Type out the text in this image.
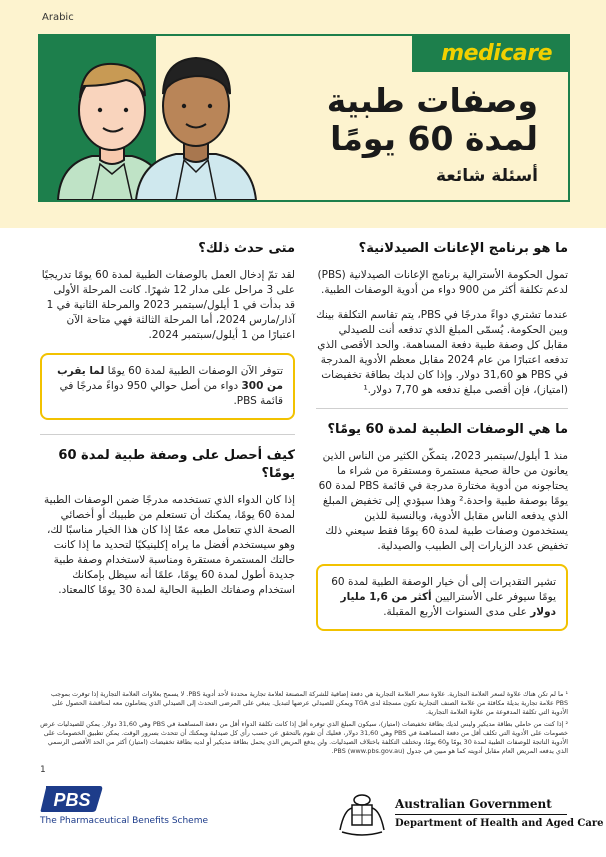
Arabic
medicare
وصفات طبية
لمدة 60 يومًا
أسئلة شائعة
ما هو برنامج الإعانات الصيدلانية؟
تمول الحكومة الأسترالية برنامج الإعانات الصيدلانية (PBS) لدعم تكلفة أكثر من 900 دواء من أدوية الوصفات الطبية.
عندما تشتري دواءً مدرجًا في PBS، يتم تقاسم التكلفة بينك وبين الحكومة. يُسمّى المبلغ الذي تدفعه أنت للصيدلي مقابل كل وصفة طبية دفعة المساهمة. والحد الأقصى الذي تدفعه اعتبارًا من عام 2024 مقابل معظم الأدوية المدرجة في PBS هو 31,60 دولار. وإذا كان لديك بطاقة تخفيضات (امتياز)، فإن أقصى مبلغ تدفعه هو 7,70 دولار.¹
ما هي الوصفات الطبية لمدة 60 يومًا؟
منذ 1 أيلول/سبتمبر 2023، يتمكّن الكثير من الناس الذين يعانون من حالة صحية مستمرة ومستقرة من شراء ما يحتاجونه من أدوية مختارة مدرجة في قائمة PBS لمدة 60 يومًا بوصفة طبية واحدة.² وهذا سيؤدي إلى تخفيض المبلغ الذي يدفعه الناس مقابل الأدوية، وبالنسبة للذين يستخدمون وصفات طبية لمدة 60 يومًا فقط سيعني ذلك تخفيض عدد الزيارات إلى الطبيب والصيدلية.
تشير التقديرات إلى أن خيار الوصفة الطبية لمدة 60 يومًا سيوفر على الأستراليين أكثر من 1,6 مليار دولار على مدى السنوات الأربع المقبلة.
متى حدث ذلك؟
لقد تمّ إدخال العمل بالوصفات الطبية لمدة 60 يومًا تدريجيًا على 3 مراحل على مدار 12 شهرًا. كانت المرحلة الأولى قد بدأت في 1 أيلول/سبتمبر 2023 والمرحلة الثانية في 1 آذار/مارس 2024، أما المرحلة الثالثة فهي متاحة الآن اعتبارًا من 1 أيلول/سبتمبر 2024.
تتوفر الآن الوصفات الطبية لمدة 60 يومًا لما يقرب من 300 دواء من أصل حوالي 950 دواءً مدرجًا في قائمة PBS.
كيف أحصل على وصفة طبية لمدة 60 يومًا؟
إذا كان الدواء الذي تستخدمه مدرجًا ضمن الوصفات الطبية لمدة 60 يومًا، يمكنك أن تستعلم من طبيبك أو أخصائي الصحة الذي تتعامل معه عمّا إذا كان هذا الخيار مناسبًا لك، وهو سيستخدم أفضل ما يراه إكلينيكيًا لتحديد ما إذا كانت حالتك المستمرة مستقرة ومناسبة لاستخدام وصفة طبية جديدة أطول لمدة 60 يومًا، علمًا أنه سيظل بإمكانك استخدام وصفاتك الطبية الحالية لمدة 30 يومًا كالمعتاد.

¹ ما لم تكن هناك علاوة لسعر العلامة التجارية. علاوة سعر العلامة التجارية هي دفعة إضافية للشركة المصنعة لعلامة تجارية محددة لأحد أدوية PBS. لا يسمح بعلاوات العلامة التجارية إذا توفرت بموجب PBS علامة تجارية بديلة مكافئة من علامة الصنف التجارية تكون مسجلة لدى TGA ويمكن للصيدلي عرضها لتبديل. ينبغي على المرضى التحدث إلى الصيدلي الذي يتعاملون معه لمناقشة الحصول على الأدوية التي تكلفة المدفوعة من علاوة العلامة التجارية.

² إذا كنت من حاملي بطاقة مديكير وليس لديك بطاقة تخفيضات (امتياز)، سيكون المبلغ الذي توفره أقل إذا كانت تكلفة الدواء أقل من دفعة المساهمة في PBS وهي 31,60 دولار. يمكن للصيدليات عرض خصومات على الأدوية التي تكلف أقل من دفعة المساهمة في PBS وهي 31,60 دولار، فعليك أن تقوم بالتحقق عن حسب رأي كل صيدلية ويمكنك أن تتحدث بسرور الوقت. يمكن تطبيق الخصومات على الأدوية الناتجة للوصفات الطبية لمدة 30 يومًا و60 يومًا، وتختلف التكلفة باختلاف الصيدليات. ولن يدفع المريض الذي يحمل بطاقة مديكير أو لديه بطاقة تخفيضات (امتياز) أكثر من الحد الأقصى الرسمي الذي يدفعه المريض العام مقابل أدويته كما هو مبين في جدول PBS (www.pbs.gov.au).

1
PBS
The Pharmaceutical Benefits Scheme
Australian Government
Department of Health and Aged Care
